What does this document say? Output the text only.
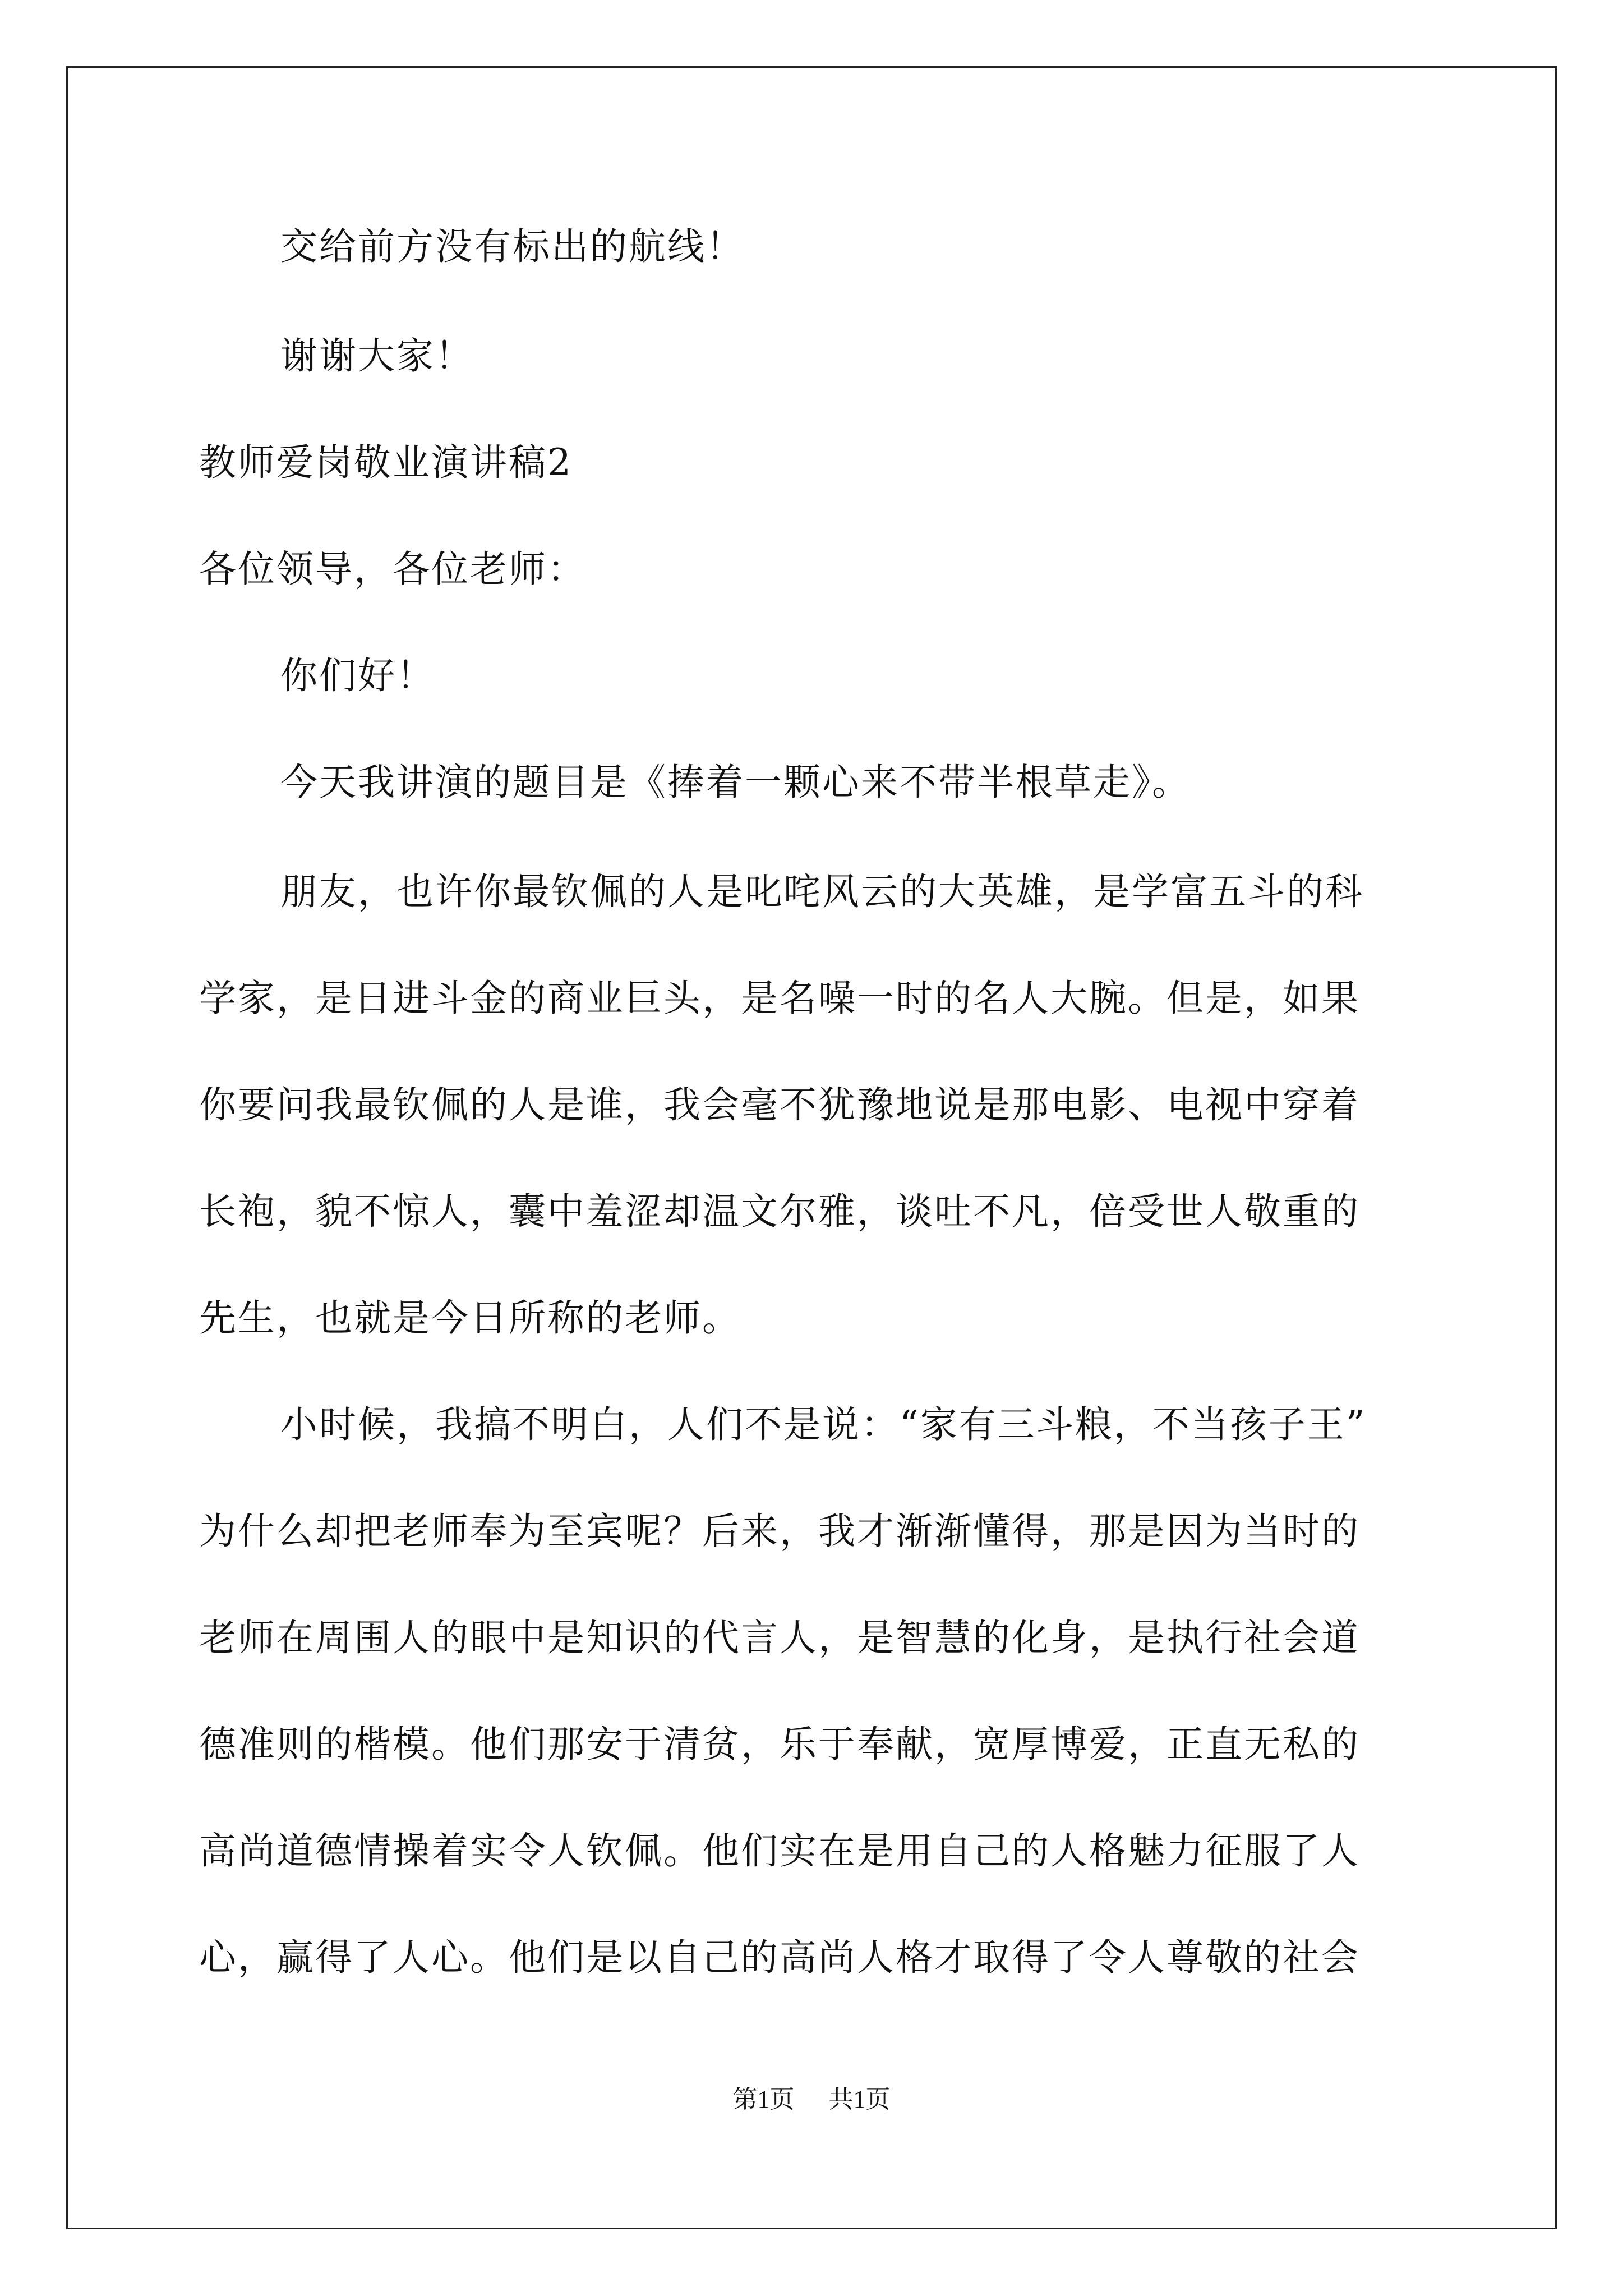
交给前方没有标出的航线！

谢谢大家！

教师爱岗敬业演讲稿2

各位领导，各位老师：

你们好！

今天我讲演的题目是《捧着一颗心来不带半根草走》。

朋友，也许你最钦佩的人是叱咤风云的大英雄，是学富五斗的科

学家，是日进斗金的商业巨头，是名噪一时的名人大腕。但是，如果

你要问我最钦佩的人是谁，我会毫不犹豫地说是那电影、电视中穿着

长袍，貌不惊人，囊中羞涩却温文尔雅，谈吐不凡，倍受世人敬重的

先生，也就是今日所称的老师。

小时候，我搞不明白，人们不是说：“家有三斗粮，不当孩子王”

为什么却把老师奉为至宾呢？后来，我才渐渐懂得，那是因为当时的

老师在周围人的眼中是知识的代言人，是智慧的化身，是执行社会道

德准则的楷模。他们那安于清贫，乐于奉献，宽厚博爱，正直无私的

高尚道德情操着实令人钦佩。他们实在是用自己的人格魅力征服了人

心，赢得了人心。他们是以自己的高尚人格才取得了令人尊敬的社会

第1页 共1页
